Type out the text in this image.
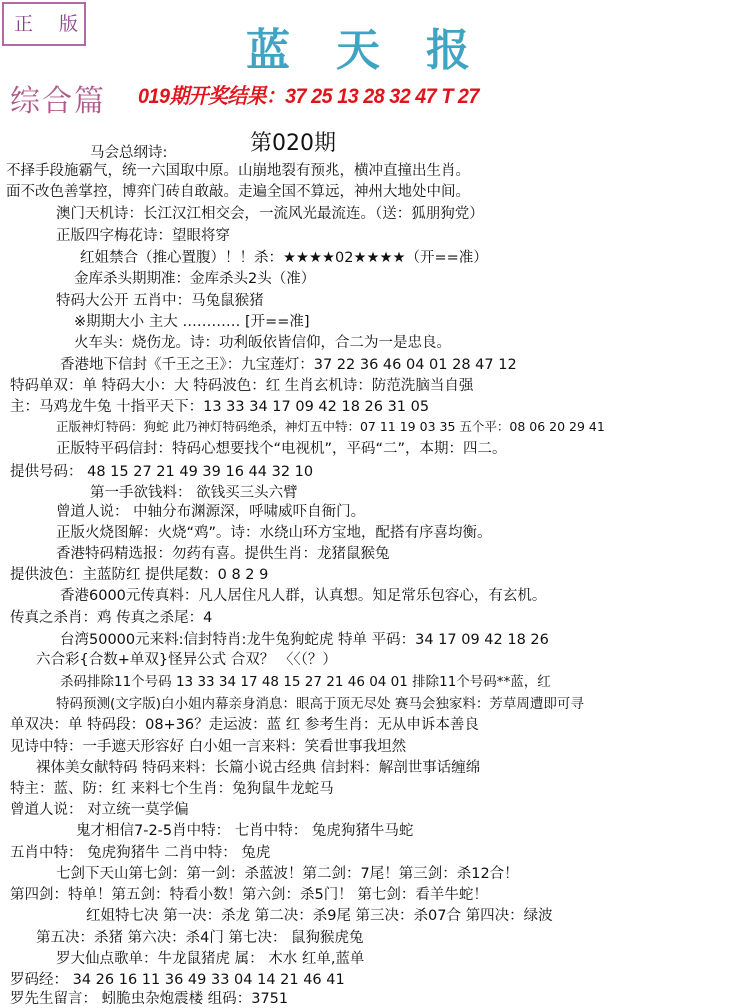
正 版
蓝天报
综合篇 019期开奖结果：37 25 13 28 32 47 T 27
第020期
马会总纲诗:
不择手段施霸气，统一六国取中原。山崩地裂有预兆，横冲直撞出生肖。
面不改色善掌控，博弈门砖自敢敲。走遍全国不算远，神州大地处中间。
澳门天机诗：长江汉江相交会，一流风光最流连。（送：狐朋狗党）
正版四字梅花诗：望眼将穿
红姐禁合（推心置腹）！！杀：★★★★02★★★★（开==准）
金库杀头期期准：金库杀头2头（准）
特码大公开 五肖中：马兔鼠猴猪
※期期大小 主大 ………… [开==准]
火车头：烧伤龙。诗：功利皈依皆信仰，合二为一是忠良。
香港地下信封《千王之王》：九宝莲灯：37 22 36 46 04 01 28 47 12
特码单双：单 特码大小：大 特码波色：红 生肖玄机诗：防范洗脑当自强
主：马鸡龙牛兔 十指平天下：13 33 34 17 09 42 18 26 31 05
正版神灯特码：狗蛇 此乃神灯特码绝杀，神灯五中特：07 11 19 03 35 五个平：08 06 20 29 41
正版特平码信封：特码心想要找个“电视机”，平码“二”，本期：四二。
提供号码： 48 15 27 21 49 39 16 44 32 10
第一手欲钱料： 欲钱买三头六臂
曾道人说： 中轴分布渊源深，呼啸威吓自衙门。
正版火烧图解：火烧“鸡”。诗：水绕山环方宝地，配搭有序喜均衡。
香港特码精选报：勿药有喜。提供生肖：龙猪鼠猴兔
提供波色：主蓝防红 提供尾数：0 8 2 9
香港6000元传真料：凡人居住凡人群，认真想。知足常乐包容心，有玄机。
传真之杀肖：鸡 传真之杀尾：4
台湾50000元来料:信封特肖:龙牛兔狗蛇虎 特单 平码：34 17 09 42 18 26
六合彩{合数+单双}怪异公式 合双？ 〈〈（？）
杀码排除11个号码 13 33 34 17 48 15 27 21 46 04 01 排除11个号码**蓝，红
特码预测(文字版)白小姐内幕亲身消息：眼高于顶无尽处 赛马会独家料：芳草周遭即可寻
单双决：单 特码段：08+36？走运波：蓝 红 参考生肖：无从申诉本善良
见诗中特：一手遮天形容好 白小姐一言来料：笑看世事我坦然
裸体美女献特码 特码来料：长篇小说古经典 信封料：解剖世事话缠绵
特主：蓝、防：红 来料七个生肖：兔狗鼠牛龙蛇马
曾道人说： 对立统一莫学偏
鬼才相信7-2-5肖中特： 七肖中特： 兔虎狗猪牛马蛇
五肖中特： 兔虎狗猪牛 二肖中特： 兔虎
七剑下天山第七剑：第一剑：杀蓝波！第二剑：7尾！第三剑：杀12合！
第四剑：特单！第五剑：特看小数！第六剑：杀5门！ 第七剑：看羊牛蛇！
红姐特七决 第一决：杀龙 第二决：杀9尾 第三决：杀07合 第四决：绿波
第五决：杀猪 第六决：杀4门 第七决： 鼠狗猴虎兔
罗大仙点歌单：牛龙鼠猪虎 属： 木水 红单,蓝单
罗码经： 34 26 16 11 36 49 33 04 14 21 46 41
罗先生留言： 蚓脆虫杂炮震楼 组码：3751
